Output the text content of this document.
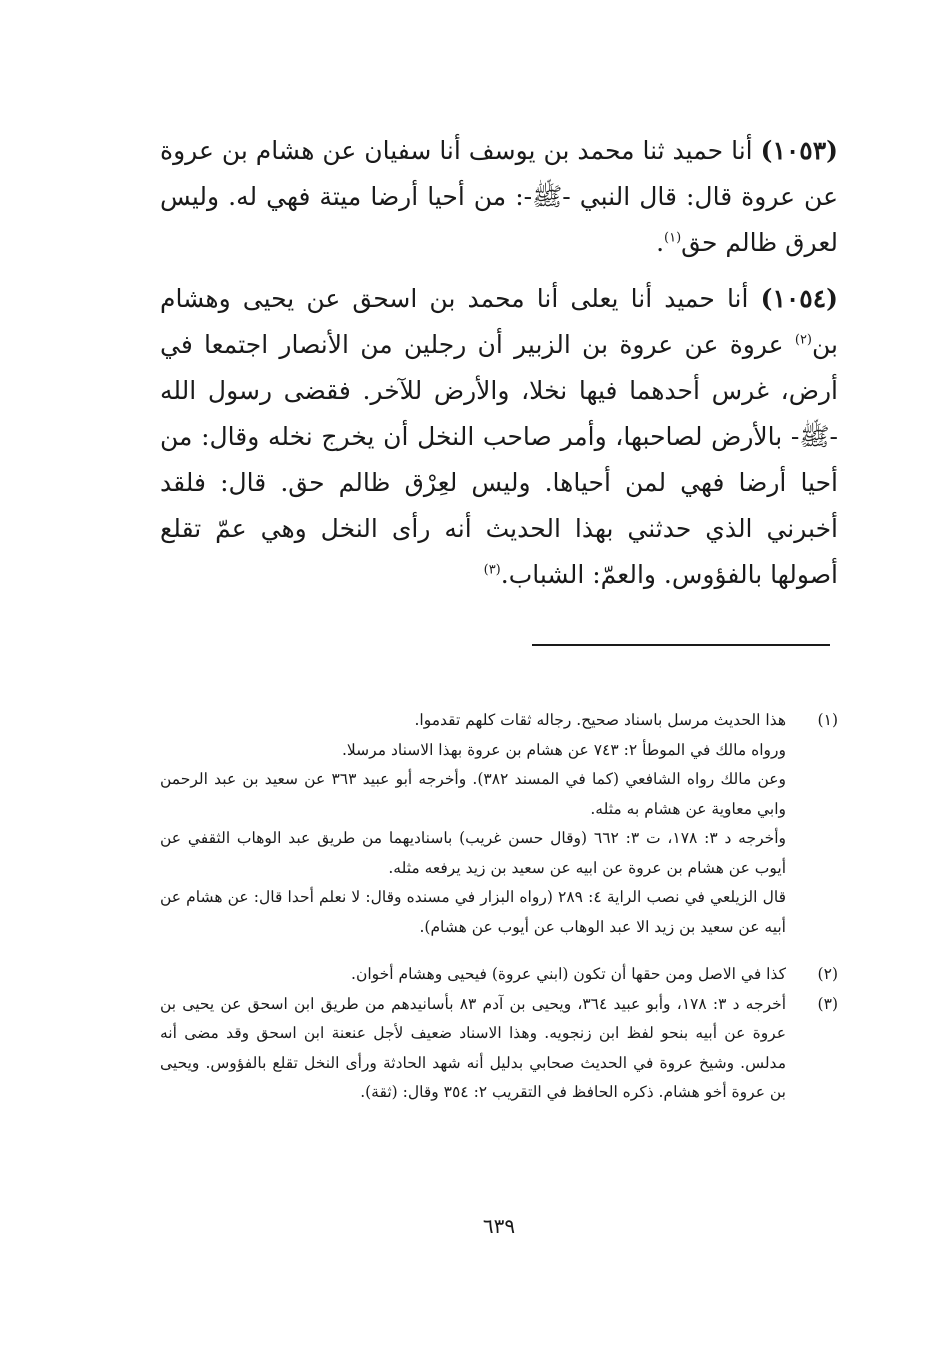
(١٠٥٣) أنا حميد ثنا محمد بن يوسف أنا سفيان عن هشام بن عروة عن عروة قال: قال النبي -ﷺ-: من أحيا أرضا ميتة فهي له. وليس لعرق ظالم حق$^{(١)}$.

(١٠٥٤) أنا حميد أنا يعلى أنا محمد بن اسحق عن يحيى وهشام بن$^{(٢)}$ عروة عن عروة بن الزبير أن رجلين من الأنصار اجتمعا في أرض، غرس أحدهما فيها نخلا، والأرض للآخر. فقضى رسول الله -ﷺ- بالأرض لصاحبها، وأمر صاحب النخل أن يخرج نخله وقال: من أحيا أرضا فهي لمن أحياها. وليس لعِرْق ظالم حق. قال: فلقد أخبرني الذي حدثني بهذا الحديث أنه رأى النخل وهي عمّ تقلع أصولها بالفؤوس. والعمّ: الشباب.$^{(٣)}$

(١)
هذا الحديث مرسل باسناد صحيح. رجاله ثقات كلهم تقدموا.
ورواه مالك في الموطأ ٢: ٧٤٣ عن هشام بن عروة بهذا الاسناد مرسلا.
وعن مالك رواه الشافعي (كما في المسند ٣٨٢). وأخرجه أبو عبيد ٣٦٣ عن سعيد بن عبد الرحمن وابي معاوية عن هشام به مثله.
وأخرجه د ٣: ١٧٨، ت ٣: ٦٦٢ (وقال حسن غريب) باسناديهما من طريق عبد الوهاب الثقفي عن أيوب عن هشام بن عروة عن ابيه عن سعيد بن زيد يرفعه مثله.
قال الزيلعي في نصب الراية ٤: ٢٨٩ (رواه البزار في مسنده وقال: لا نعلم أحدا قال: عن هشام عن أبيه عن سعيد بن زيد الا عبد الوهاب عن أيوب عن هشام).
(٢)
كذا في الاصل ومن حقها أن تكون (ابني عروة) فيحيى وهشام أخوان.
(٣)
أخرجه د ٣: ١٧٨، وأبو عبيد ٣٦٤، ويحيى بن آدم ٨٣ بأسانيدهم من طريق ابن اسحق عن يحيى بن عروة عن أبيه بنحو لفظ ابن زنجويه. وهذا الاسناد ضعيف لأجل عنعنة ابن اسحق وقد مضى أنه مدلس. وشيخ عروة في الحديث صحابي بدليل أنه شهد الحادثة ورأى النخل تقلع بالفؤوس. ويحيى بن عروة أخو هشام. ذكره الحافظ في التقريب ٢: ٣٥٤ وقال: (ثقة).
٦٣٩
